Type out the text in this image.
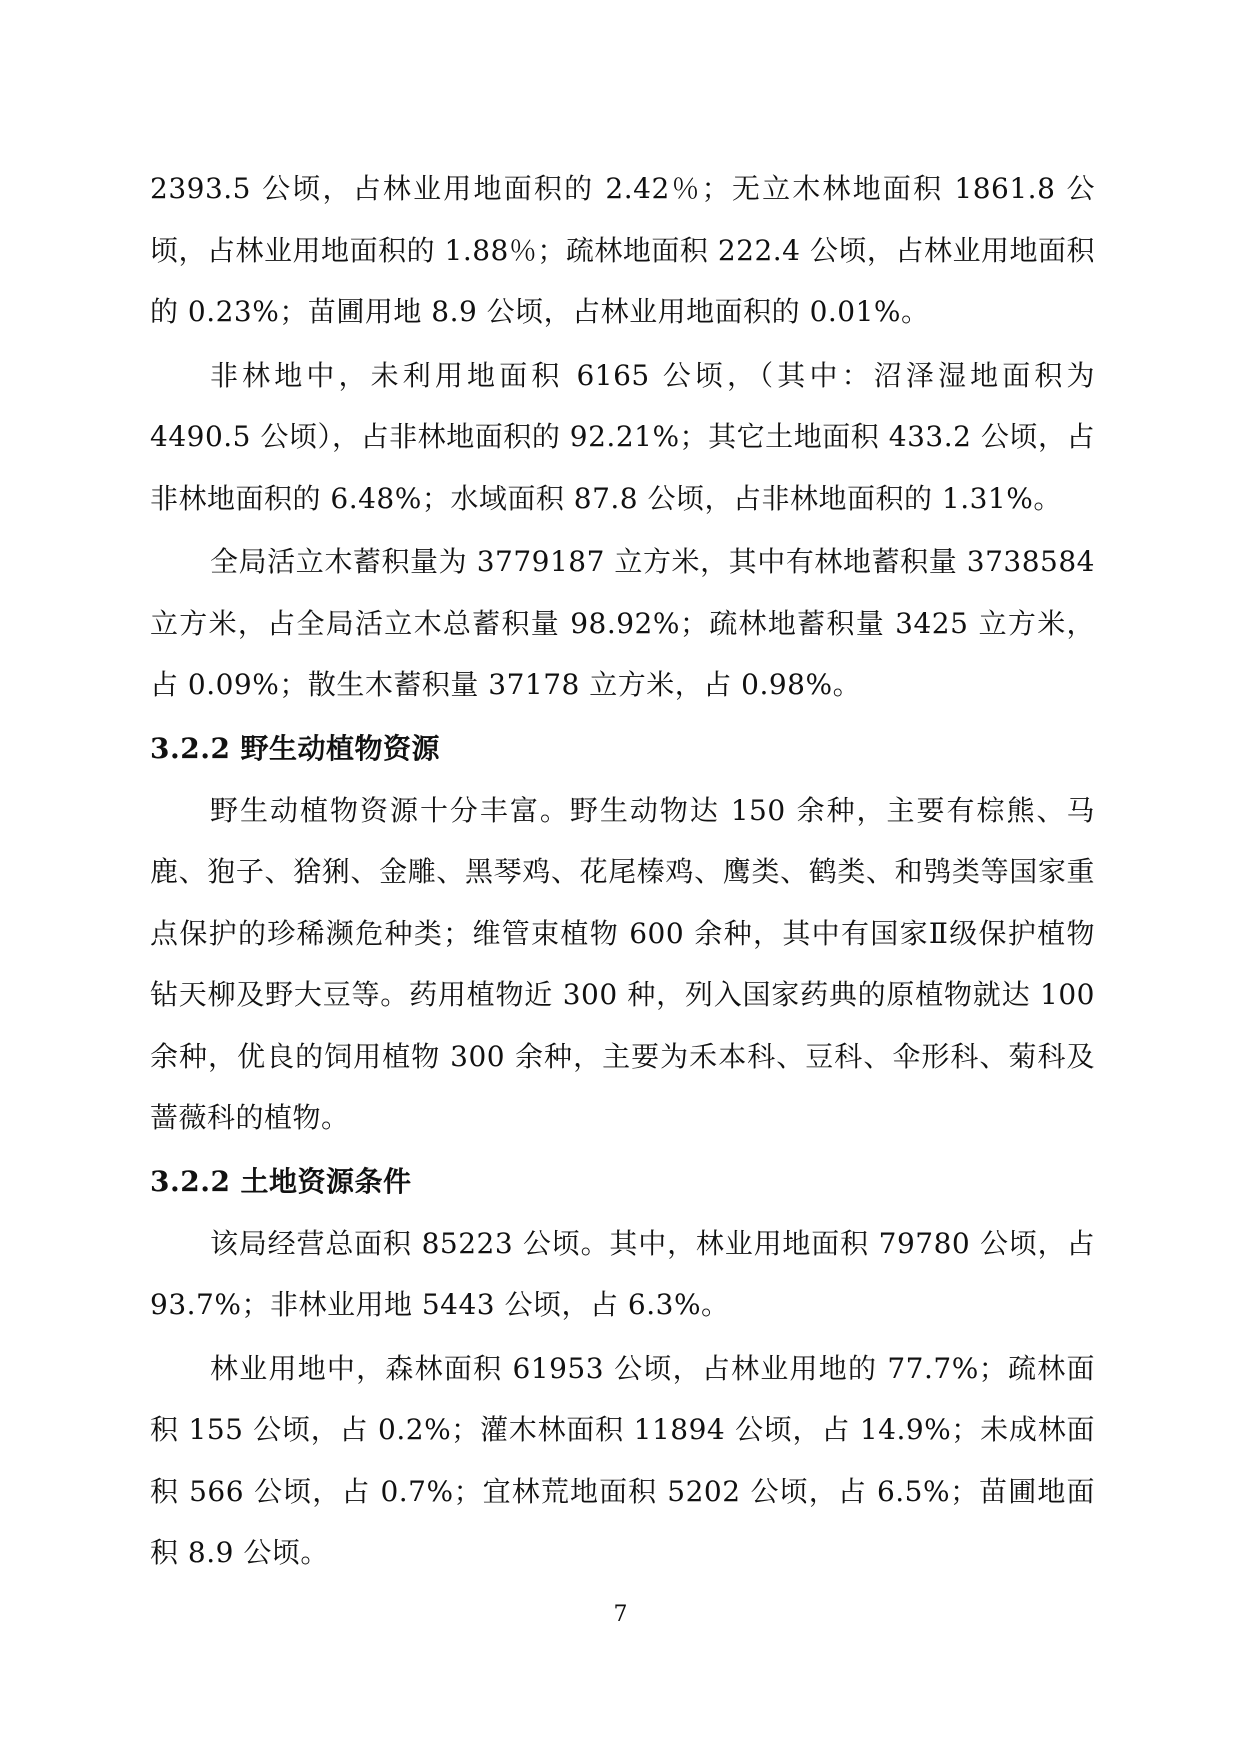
2393.5 公顷，占林业用地面积的 2.42％；无立木林地面积 1861.8 公顷，占林业用地面积的 1.88％；疏林地面积 222.4 公顷，占林业用地面积的 0.23%；苗圃用地 8.9 公顷，占林业用地面积的 0.01%。

非林地中，未利用地面积 6165 公顷，（其中：沼泽湿地面积为 4490.5 公顷），占非林地面积的 92.21%；其它土地面积 433.2 公顷，占非林地面积的 6.48%；水域面积 87.8 公顷，占非林地面积的 1.31%。

全局活立木蓄积量为 3779187 立方米，其中有林地蓄积量 3738584 立方米，占全局活立木总蓄积量 98.92%；疏林地蓄积量 3425 立方米，占 0.09%；散生木蓄积量 37178 立方米，占 0.98%。

3.2.2 野生动植物资源

野生动植物资源十分丰富。野生动物达 150 余种，主要有棕熊、马鹿、狍子、猞猁、金雕、黑琴鸡、花尾榛鸡、鹰类、鹤类、和鸮类等国家重点保护的珍稀濒危种类；维管束植物 600 余种，其中有国家Ⅱ级保护植物钻天柳及野大豆等。药用植物近 300 种，列入国家药典的原植物就达 100 余种，优良的饲用植物 300 余种，主要为禾本科、豆科、伞形科、菊科及蔷薇科的植物。

3.2.2 土地资源条件

该局经营总面积 85223 公顷。其中，林业用地面积 79780 公顷，占 93.7%；非林业用地 5443 公顷，占 6.3%。

林业用地中，森林面积 61953 公顷，占林业用地的 77.7%；疏林面积 155 公顷，占 0.2%；灌木林面积 11894 公顷，占 14.9%；未成林面积 566 公顷，占 0.7%；宜林荒地面积 5202 公顷，占 6.5%；苗圃地面积 8.9 公顷。

7
